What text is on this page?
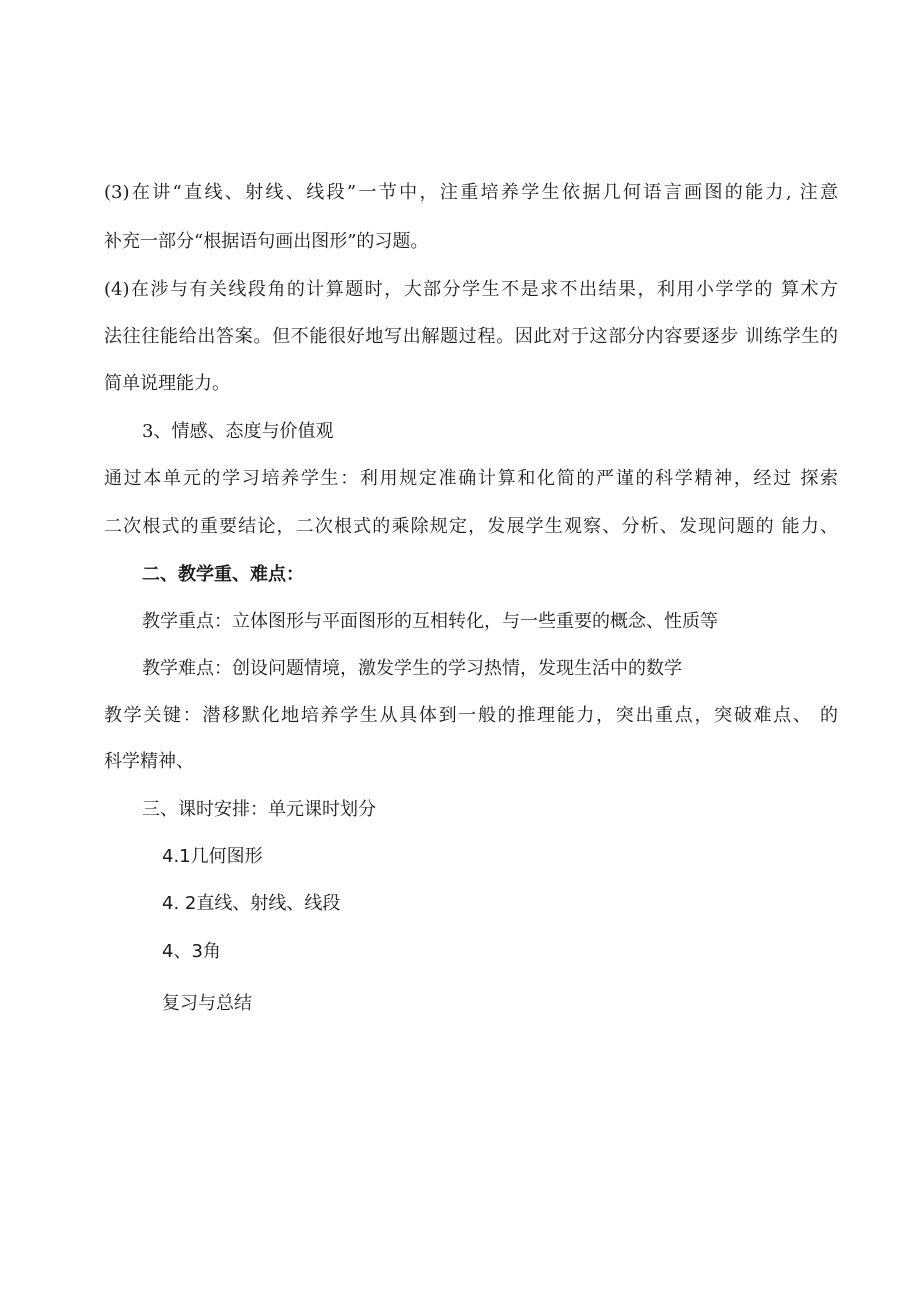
(3)在讲“直线、射线、线段”一节中，注重培养学生依据几何语言画图的能力, 注意
补充一部分“根据语句画出图形”的习题。
(4)在涉与有关线段角的计算题时，大部分学生不是求不出结果，利用小学学的 算术方
法往往能给出答案。但不能很好地写出解题过程。因此对于这部分内容要逐步 训练学生的
简单说理能力。
3、情感、态度与价值观
通过本单元的学习培养学生：利用规定准确计算和化简的严谨的科学精神，经过 探索
二次根式的重要结论，二次根式的乘除规定，发展学生观察、分析、发现问题的 能力、
二、教学重、难点：
教学重点：立体图形与平面图形的互相转化，与一些重要的概念、性质等
教学难点：创设问题情境，激发学生的学习热情，发现生活中的数学
教学关键：潜移默化地培养学生从具体到一般的推理能力，突出重点，突破难点、 的
科学精神、
三、课时安排：单元课时划分
4.1几何图形
4. 2直线、射线、线段
4、3角
复习与总结
